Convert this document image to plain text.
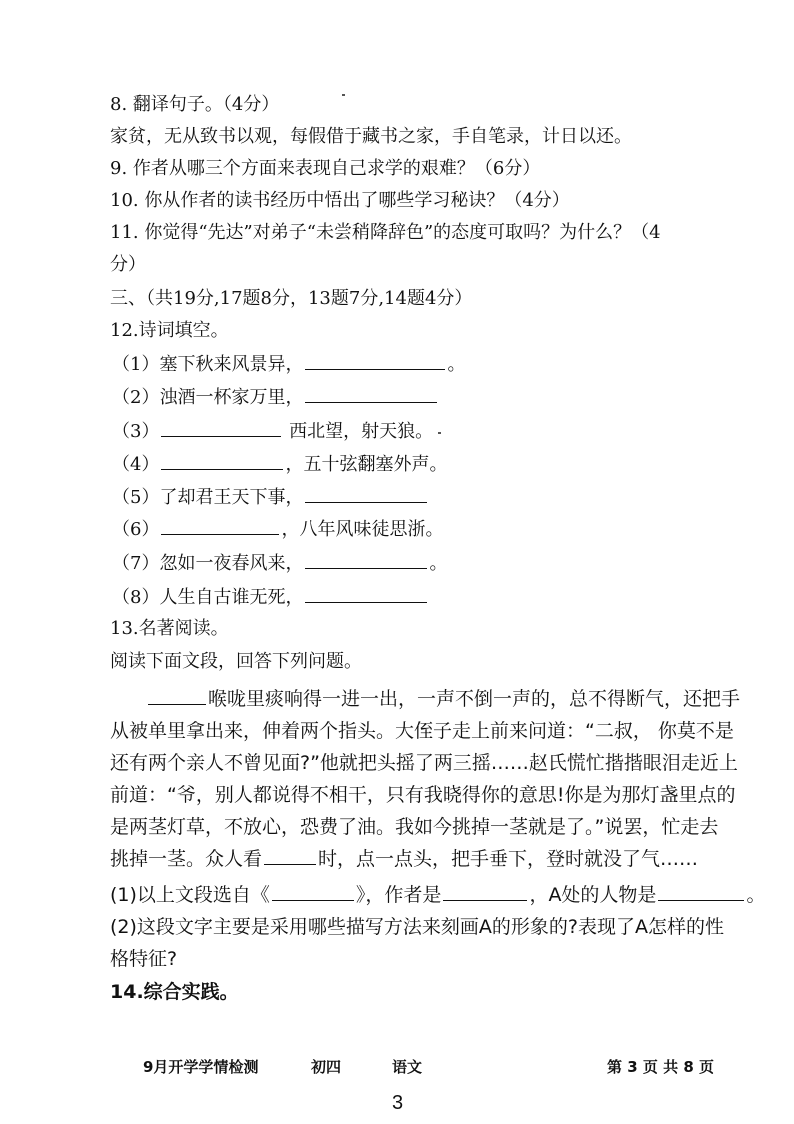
8. 翻译句子。（4分）
家贫，无从致书以观，每假借于藏书之家，手自笔录，计日以还。
9. 作者从哪三个方面来表现自己求学的艰难？（6分）
10. 你从作者的读书经历中悟出了哪些学习秘诀？（4分）
11. 你觉得“先达”对弟子“未尝稍降辞色”的态度可取吗？为什么？（4
分）
三、（共19分,17题8分，13题7分,14题4分）
12.诗词填空。
（1）塞下秋来风景异，	。
（2）浊酒一杯家万里，
（3）	西北望，射天狼。
（4）	，五十弦翻塞外声。
（5）了却君王天下事，
（6）	，八年风味徒思浙。
（7）忽如一夜春风来，	。
（8）人生自古谁无死，
13.名著阅读。
阅读下面文段，回答下列问题。
喉咙里痰响得一进一出，一声不倒一声的，总不得断气，还把手
从被单里拿出来，伸着两个指头。大侄子走上前来问道：“二叔， 你莫不是
还有两个亲人不曾见面?”他就把头摇了两三摇……赵氏慌忙揩揩眼泪走近上
前道：“爷，别人都说得不相干，只有我晓得你的意思!你是为那灯盏里点的
是两茎灯草，不放心，恐费了油。我如今挑掉一茎就是了。”说罢，忙走去
挑掉一茎。众人看	时，点一点头，把手垂下，登时就没了气……
(1)以上文段选自《	》，作者是	，A处的人物是	。
(2)这段文字主要是采用哪些描写方法来刻画A的形象的?表现了A怎样的性
格特征?
14.综合实践。
9月开学学情检测	初四	语文	第 3 页 共 8 页
3
